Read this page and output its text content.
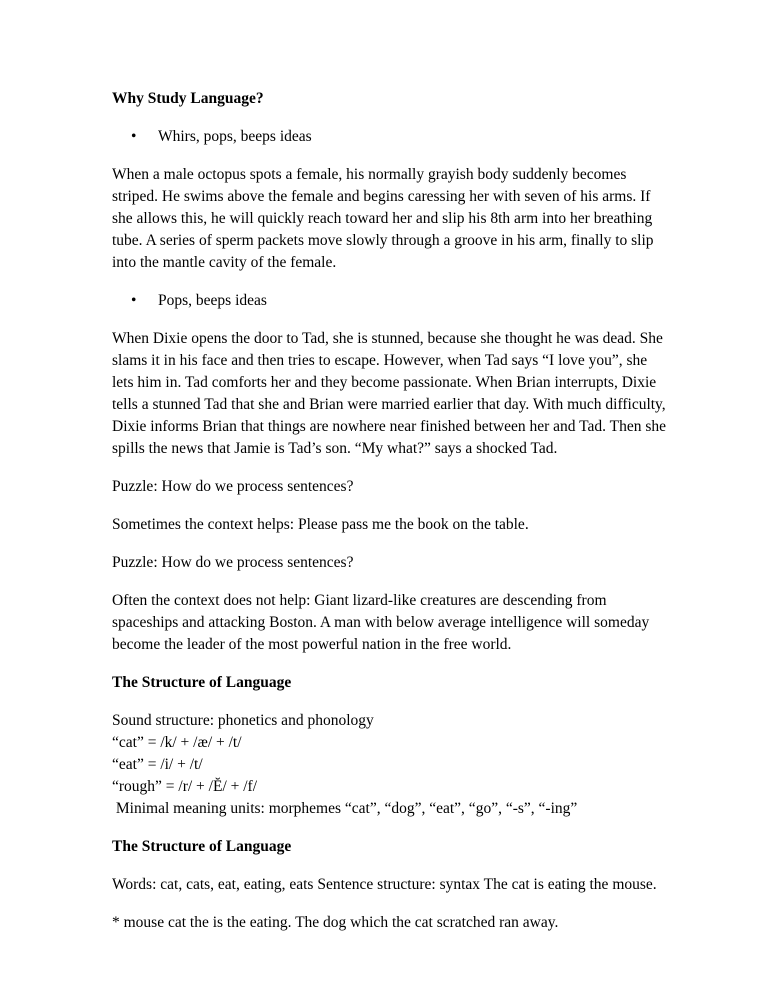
Why Study Language?
• Whirs, pops, beeps ideas

When a male octopus spots a female, his normally grayish body suddenly becomes striped. He swims above the female and begins caressing her with seven of his arms. If she allows this, he will quickly reach toward her and slip his 8th arm into her breathing tube. A series of sperm packets move slowly through a groove in his arm, finally to slip into the mantle cavity of the female.

• Pops, beeps ideas

When Dixie opens the door to Tad, she is stunned, because she thought he was dead. She slams it in his face and then tries to escape. However, when Tad says “I love you”, she lets him in. Tad comforts her and they become passionate. When Brian interrupts, Dixie tells a stunned Tad that she and Brian were married earlier that day. With much difficulty, Dixie informs Brian that things are nowhere near finished between her and Tad. Then she spills the news that Jamie is Tad’s son. “My what?” says a shocked Tad.

Puzzle: How do we process sentences?

Sometimes the context helps: Please pass me the book on the table.

Puzzle: How do we process sentences?

Often the context does not help: Giant lizard-like creatures are descending from spaceships and attacking Boston. A man with below average intelligence will someday become the leader of the most powerful nation in the free world.

The Structure of Language

Sound structure: phonetics and phonology
“cat” = /k/ + /æ/ + /t/
“eat” = /i/ + /t/
“rough” = /r/ + /Ĕ/ + /f/
Minimal meaning units: morphemes “cat”, “dog”, “eat”, “go”, “-s”, “-ing”

The Structure of Language

Words: cat, cats, eat, eating, eats Sentence structure: syntax The cat is eating the mouse.

* mouse cat the is the eating. The dog which the cat scratched ran away.
